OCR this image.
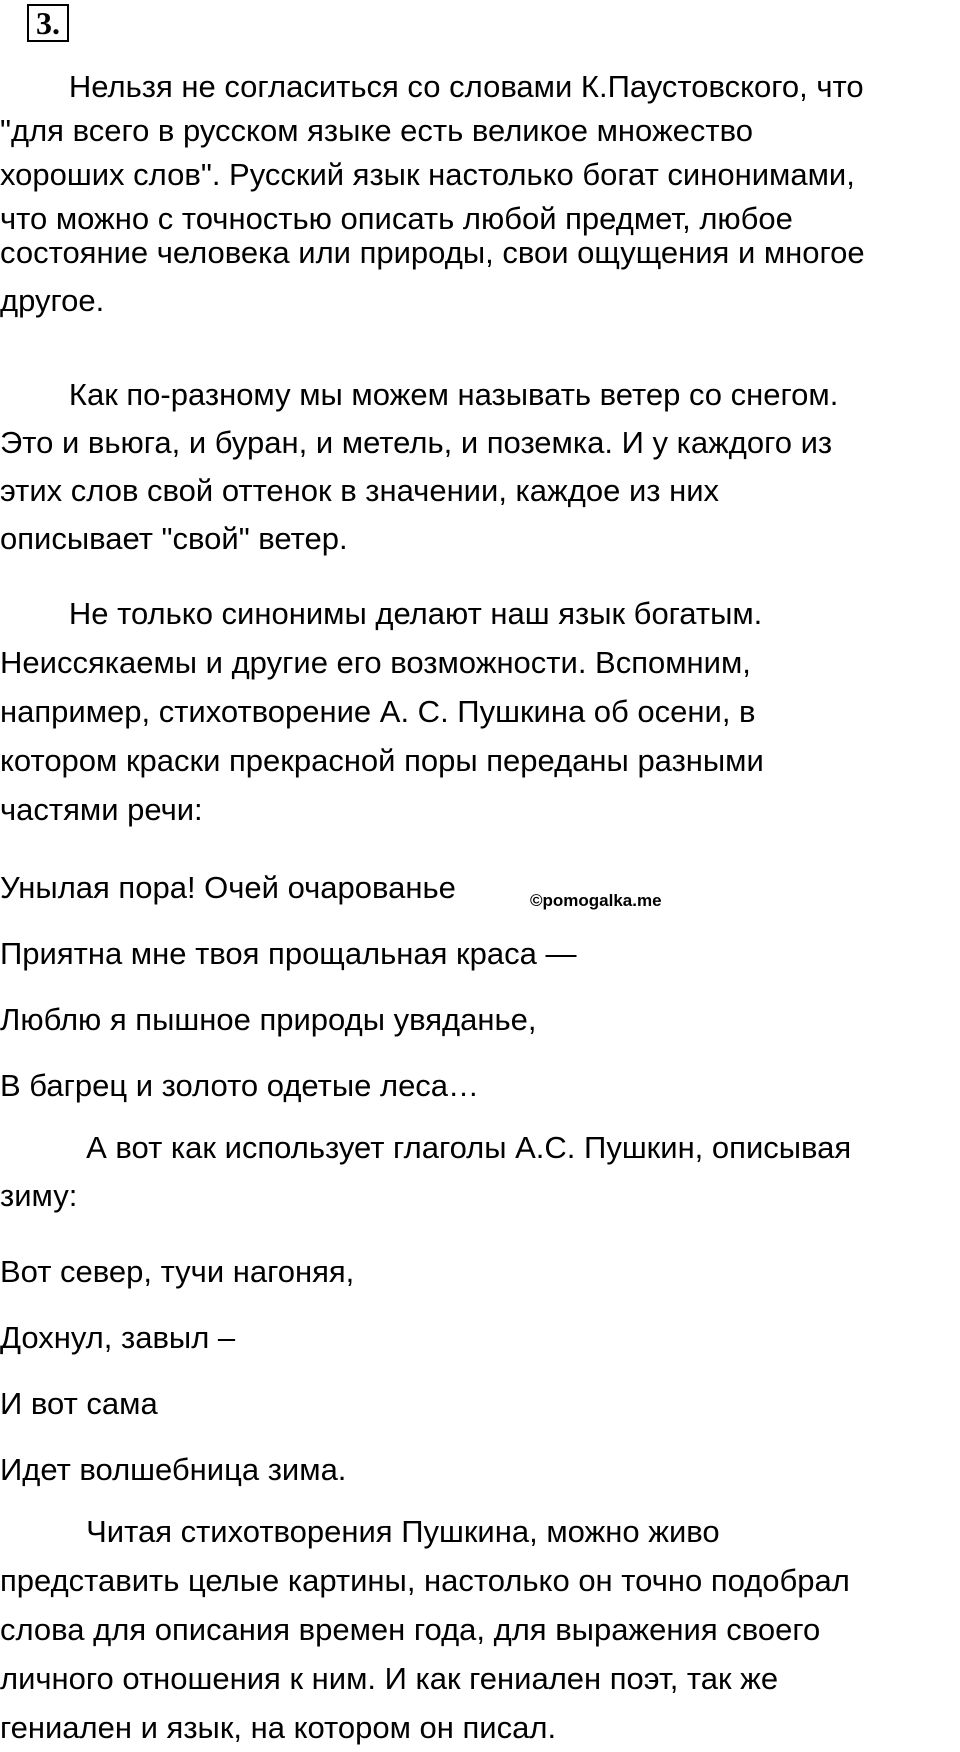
3.
Нельзя не согласиться со словами К.Паустовского, что
"для всего в русском языке есть великое множество
хороших слов". Русский язык настолько богат синонимами,
что можно с точностью описать любой предмет, любое
состояние человека или природы, свои ощущения и многое
другое.
Как по-разному мы можем называть ветер со снегом.
Это и вьюга, и буран, и метель, и поземка. И у каждого из
этих слов свой оттенок в значении, каждое из них
описывает "свой" ветер.
Не только синонимы делают наш язык богатым.
Неиссякаемы и другие его возможности. Вспомним,
например, стихотворение А. С. Пушкина об осени, в
котором краски прекрасной поры переданы разными
частями речи:
Унылая пора! Очей очарованье
Приятна мне твоя прощальная краса —
Люблю я пышное природы увяданье,
В багрец и золото одетые леса…
©pomogalka.me
А вот как использует глаголы А.С. Пушкин, описывая
зиму:
Вот север, тучи нагоняя,
Дохнул, завыл –
И вот сама
Идет волшебница зима.
Читая стихотворения Пушкина, можно живо
представить целые картины, настолько он точно подобрал
слова для описания времен года, для выражения своего
личного отношения к ним. И как гениален поэт, так же
гениален и язык, на котором он писал.
